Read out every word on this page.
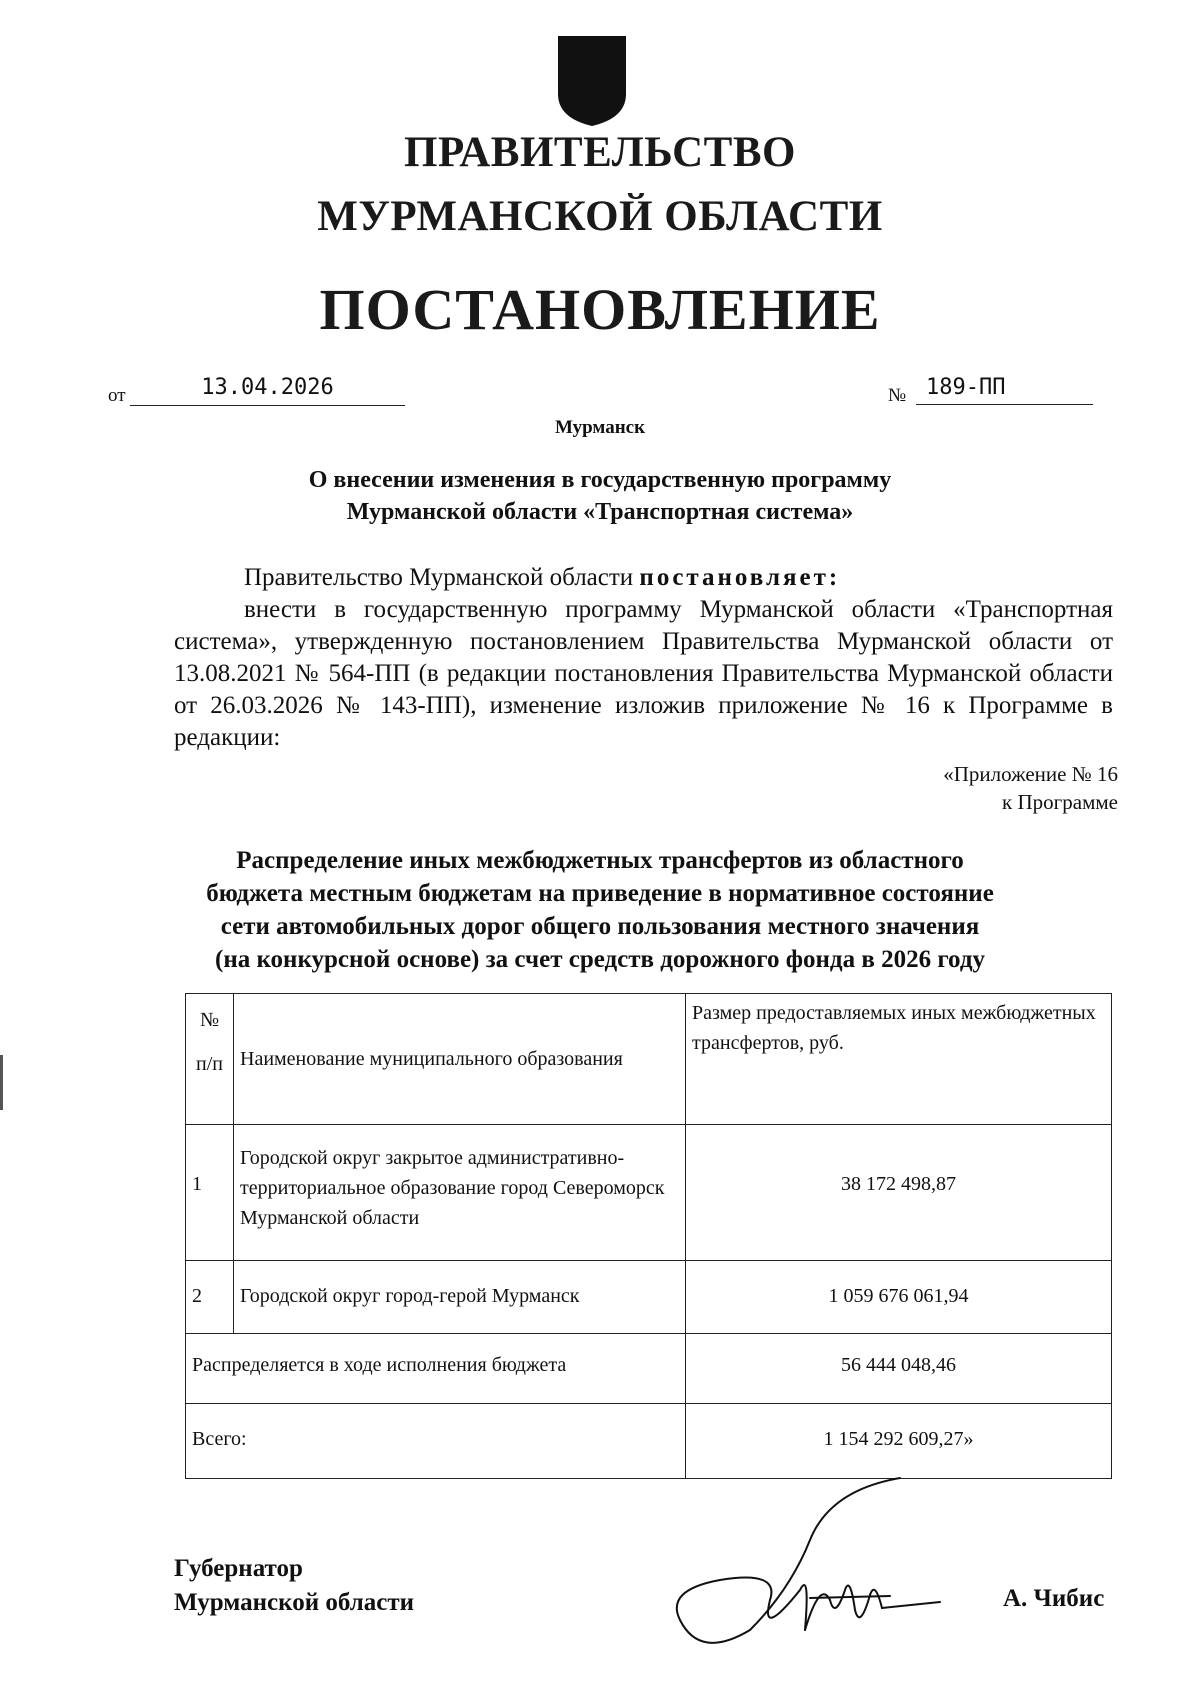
ПРАВИТЕЛЬСТВО
МУРМАНСКОЙ ОБЛАСТИ
ПОСТАНОВЛЕНИЕ
от	13.04.2026	№ 189-ПП
Мурманск
О внесении изменения в государственную программу
Мурманской области «Транспортная система»
Правительство Мурманской области постановляет:
внести в государственную программу Мурманской области «Транспортная система», утвержденную постановлением Правительства Мурманской области от 13.08.2021 № 564-ПП (в редакции постановления Правительства Мурманской области от 26.03.2026 № 143-ПП), изменение изложив приложение № 16 к Программе в редакции:
«Приложение № 16
к Программе
Распределение иных межбюджетных трансфертов из областного
бюджета местным бюджетам на приведение в нормативное состояние
сети автомобильных дорог общего пользования местного значения
(на конкурсной основе) за счет средств дорожного фонда в 2026 году
№
п/п	Наименование муниципального образования	Размер предоставляемых иных межбюджетных трансфертов, руб.
1	Городской округ закрытое административно-территориальное образование город Североморск Мурманской области	38 172 498,87
2	Городской округ город-герой Мурманск	1 059 676 061,94
Распределяется в ходе исполнения бюджета		56 444 048,46
Всего:		1 154 292 609,27»
Губернатор
Мурманской области	А. Чибис
